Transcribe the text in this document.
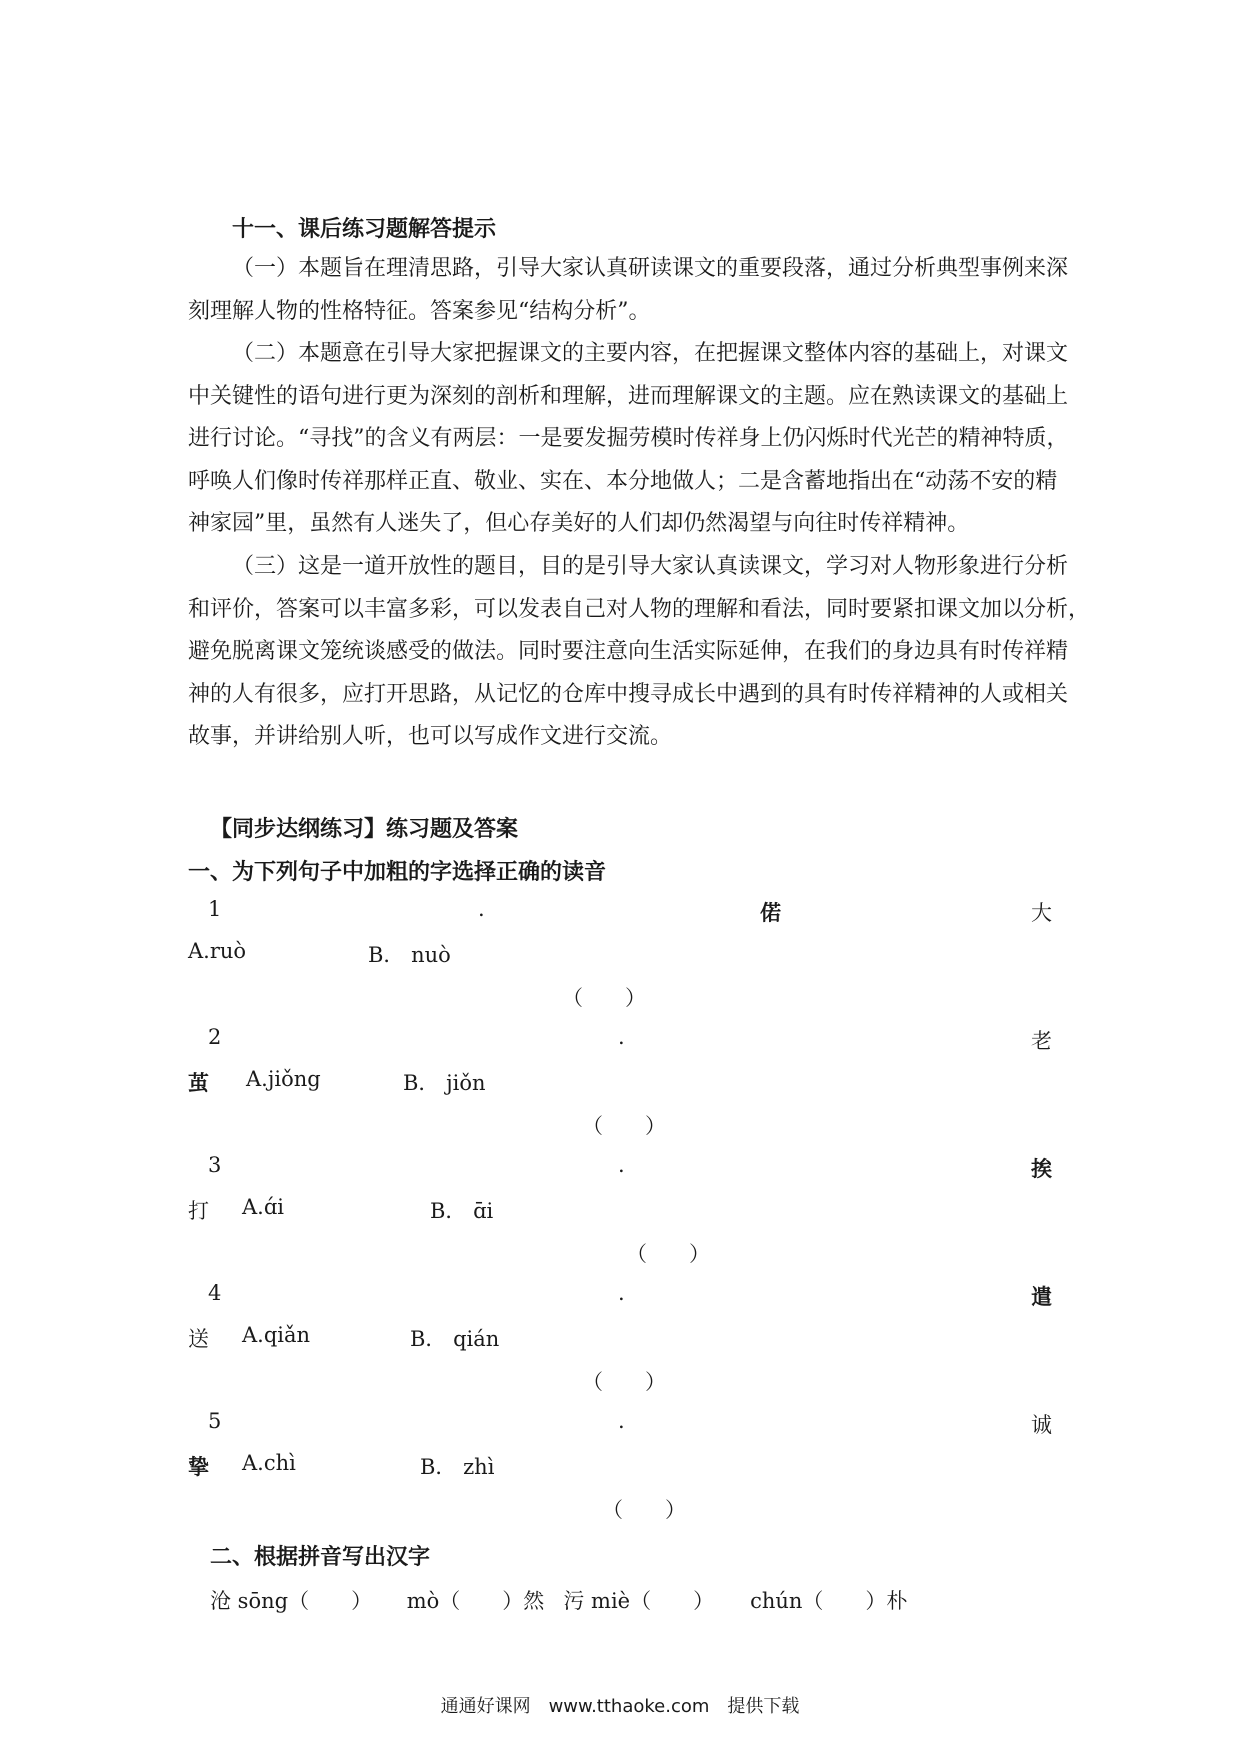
十一、课后练习题解答提示
（一）本题旨在理清思路，引导大家认真研读课文的重要段落，通过分析典型事例来深
刻理解人物的性格特征。答案参见“结构分析”。
（二）本题意在引导大家把握课文的主要内容，在把握课文整体内容的基础上，对课文
中关键性的语句进行更为深刻的剖析和理解，进而理解课文的主题。应在熟读课文的基础上
进行讨论。“寻找”的含义有两层：一是要发掘劳模时传祥身上仍闪烁时代光芒的精神特质，
呼唤人们像时传祥那样正直、敬业、实在、本分地做人；二是含蓄地指出在“动荡不安的精
神家园”里，虽然有人迷失了，但心存美好的人们却仍然渴望与向往时传祥精神。
（三）这是一道开放性的题目，目的是引导大家认真读课文，学习对人物形象进行分析
和评价，答案可以丰富多彩，可以发表自己对人物的理解和看法，同时要紧扣课文加以分析，
避免脱离课文笼统谈感受的做法。同时要注意向生活实际延伸，在我们的身边具有时传祥精
神的人有很多，应打开思路，从记忆的仓库中搜寻成长中遇到的具有时传祥精神的人或相关
故事，并讲给别人听，也可以写成作文进行交流。
【同步达纲练习】练习题及答案
一、为下列句子中加粗的字选择正确的读音
1	.	偌	大
A.ruò	B． nuò
（　　）
2	.	老
茧 A.jiǒng	B． jiǒn
（　　）
3	.	挨
打 A.ɑ́i	B． ɑ̄i
（　　）
4	.	遣
送 A.qiǎn	B． qián
（　　）
5	.	诚
挚 A.chì	B． zhì
（　　）
二、根据拼音写出汉字
沧 sōng（　　） mò（　　）然 污 miè（　　） chún（　　）朴
通通好课网　www.tthaoke.com　提供下载
